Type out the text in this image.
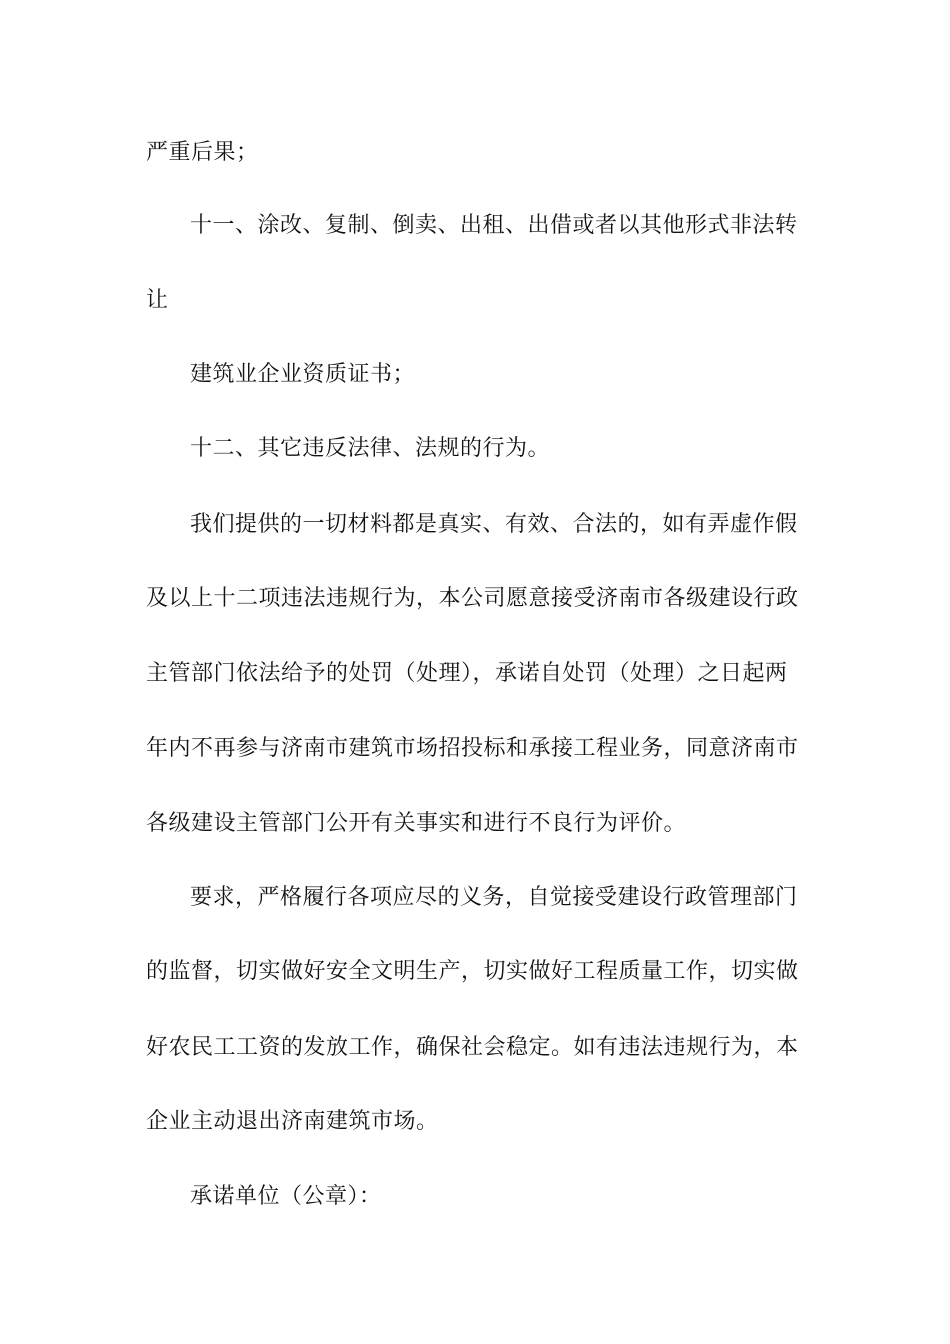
严重后果；
十一、涂改、复制、倒卖、出租、出借或者以其他形式非法转
让
建筑业企业资质证书；
十二、其它违反法律、法规的行为。
我们提供的一切材料都是真实、有效、合法的，如有弄虚作假
及以上十二项违法违规行为，本公司愿意接受济南市各级建设行政
主管部门依法给予的处罚（处理），承诺自处罚（处理）之日起两
年内不再参与济南市建筑市场招投标和承接工程业务，同意济南市
各级建设主管部门公开有关事实和进行不良行为评价。
要求，严格履行各项应尽的义务，自觉接受建设行政管理部门
的监督，切实做好安全文明生产，切实做好工程质量工作，切实做
好农民工工资的发放工作，确保社会稳定。如有违法违规行为，本
企业主动退出济南建筑市场。
承诺单位（公章）：
